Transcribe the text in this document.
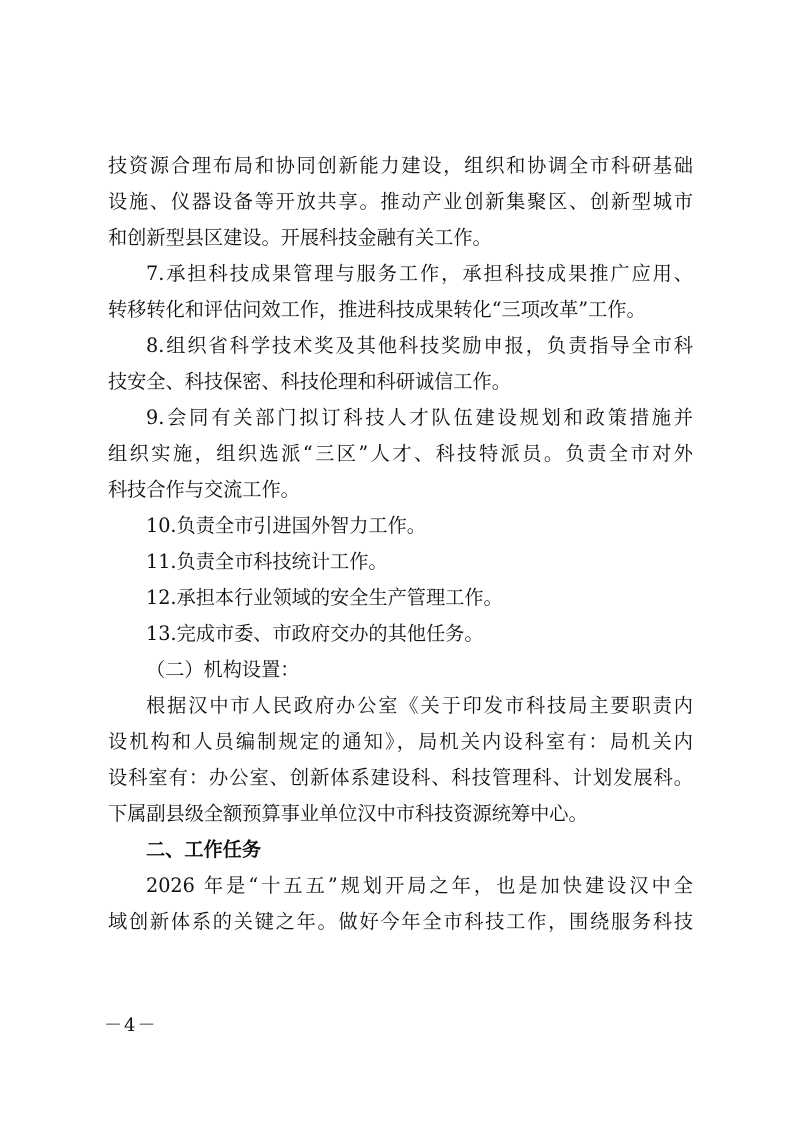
技资源合理布局和协同创新能力建设，组织和协调全市科研基础
设施、仪器设备等开放共享。推动产业创新集聚区、创新型城市
和创新型县区建设。开展科技金融有关工作。
7.承担科技成果管理与服务工作，承担科技成果推广应用、
转移转化和评估问效工作，推进科技成果转化“三项改革”工作。
8.组织省科学技术奖及其他科技奖励申报，负责指导全市科
技安全、科技保密、科技伦理和科研诚信工作。
9.会同有关部门拟订科技人才队伍建设规划和政策措施并
组织实施，组织选派“三区”人才、科技特派员。负责全市对外
科技合作与交流工作。
10.负责全市引进国外智力工作。
11.负责全市科技统计工作。
12.承担本行业领域的安全生产管理工作。
13.完成市委、市政府交办的其他任务。
（二）机构设置：
根据汉中市人民政府办公室《关于印发市科技局主要职责内
设机构和人员编制规定的通知》，局机关内设科室有：局机关内
设科室有：办公室、创新体系建设科、科技管理科、计划发展科。
下属副县级全额预算事业单位汉中市科技资源统筹中心。
二、工作任务
2026 年是“十五五”规划开局之年，也是加快建设汉中全
域创新体系的关键之年。做好今年全市科技工作，围绕服务科技
－4－
